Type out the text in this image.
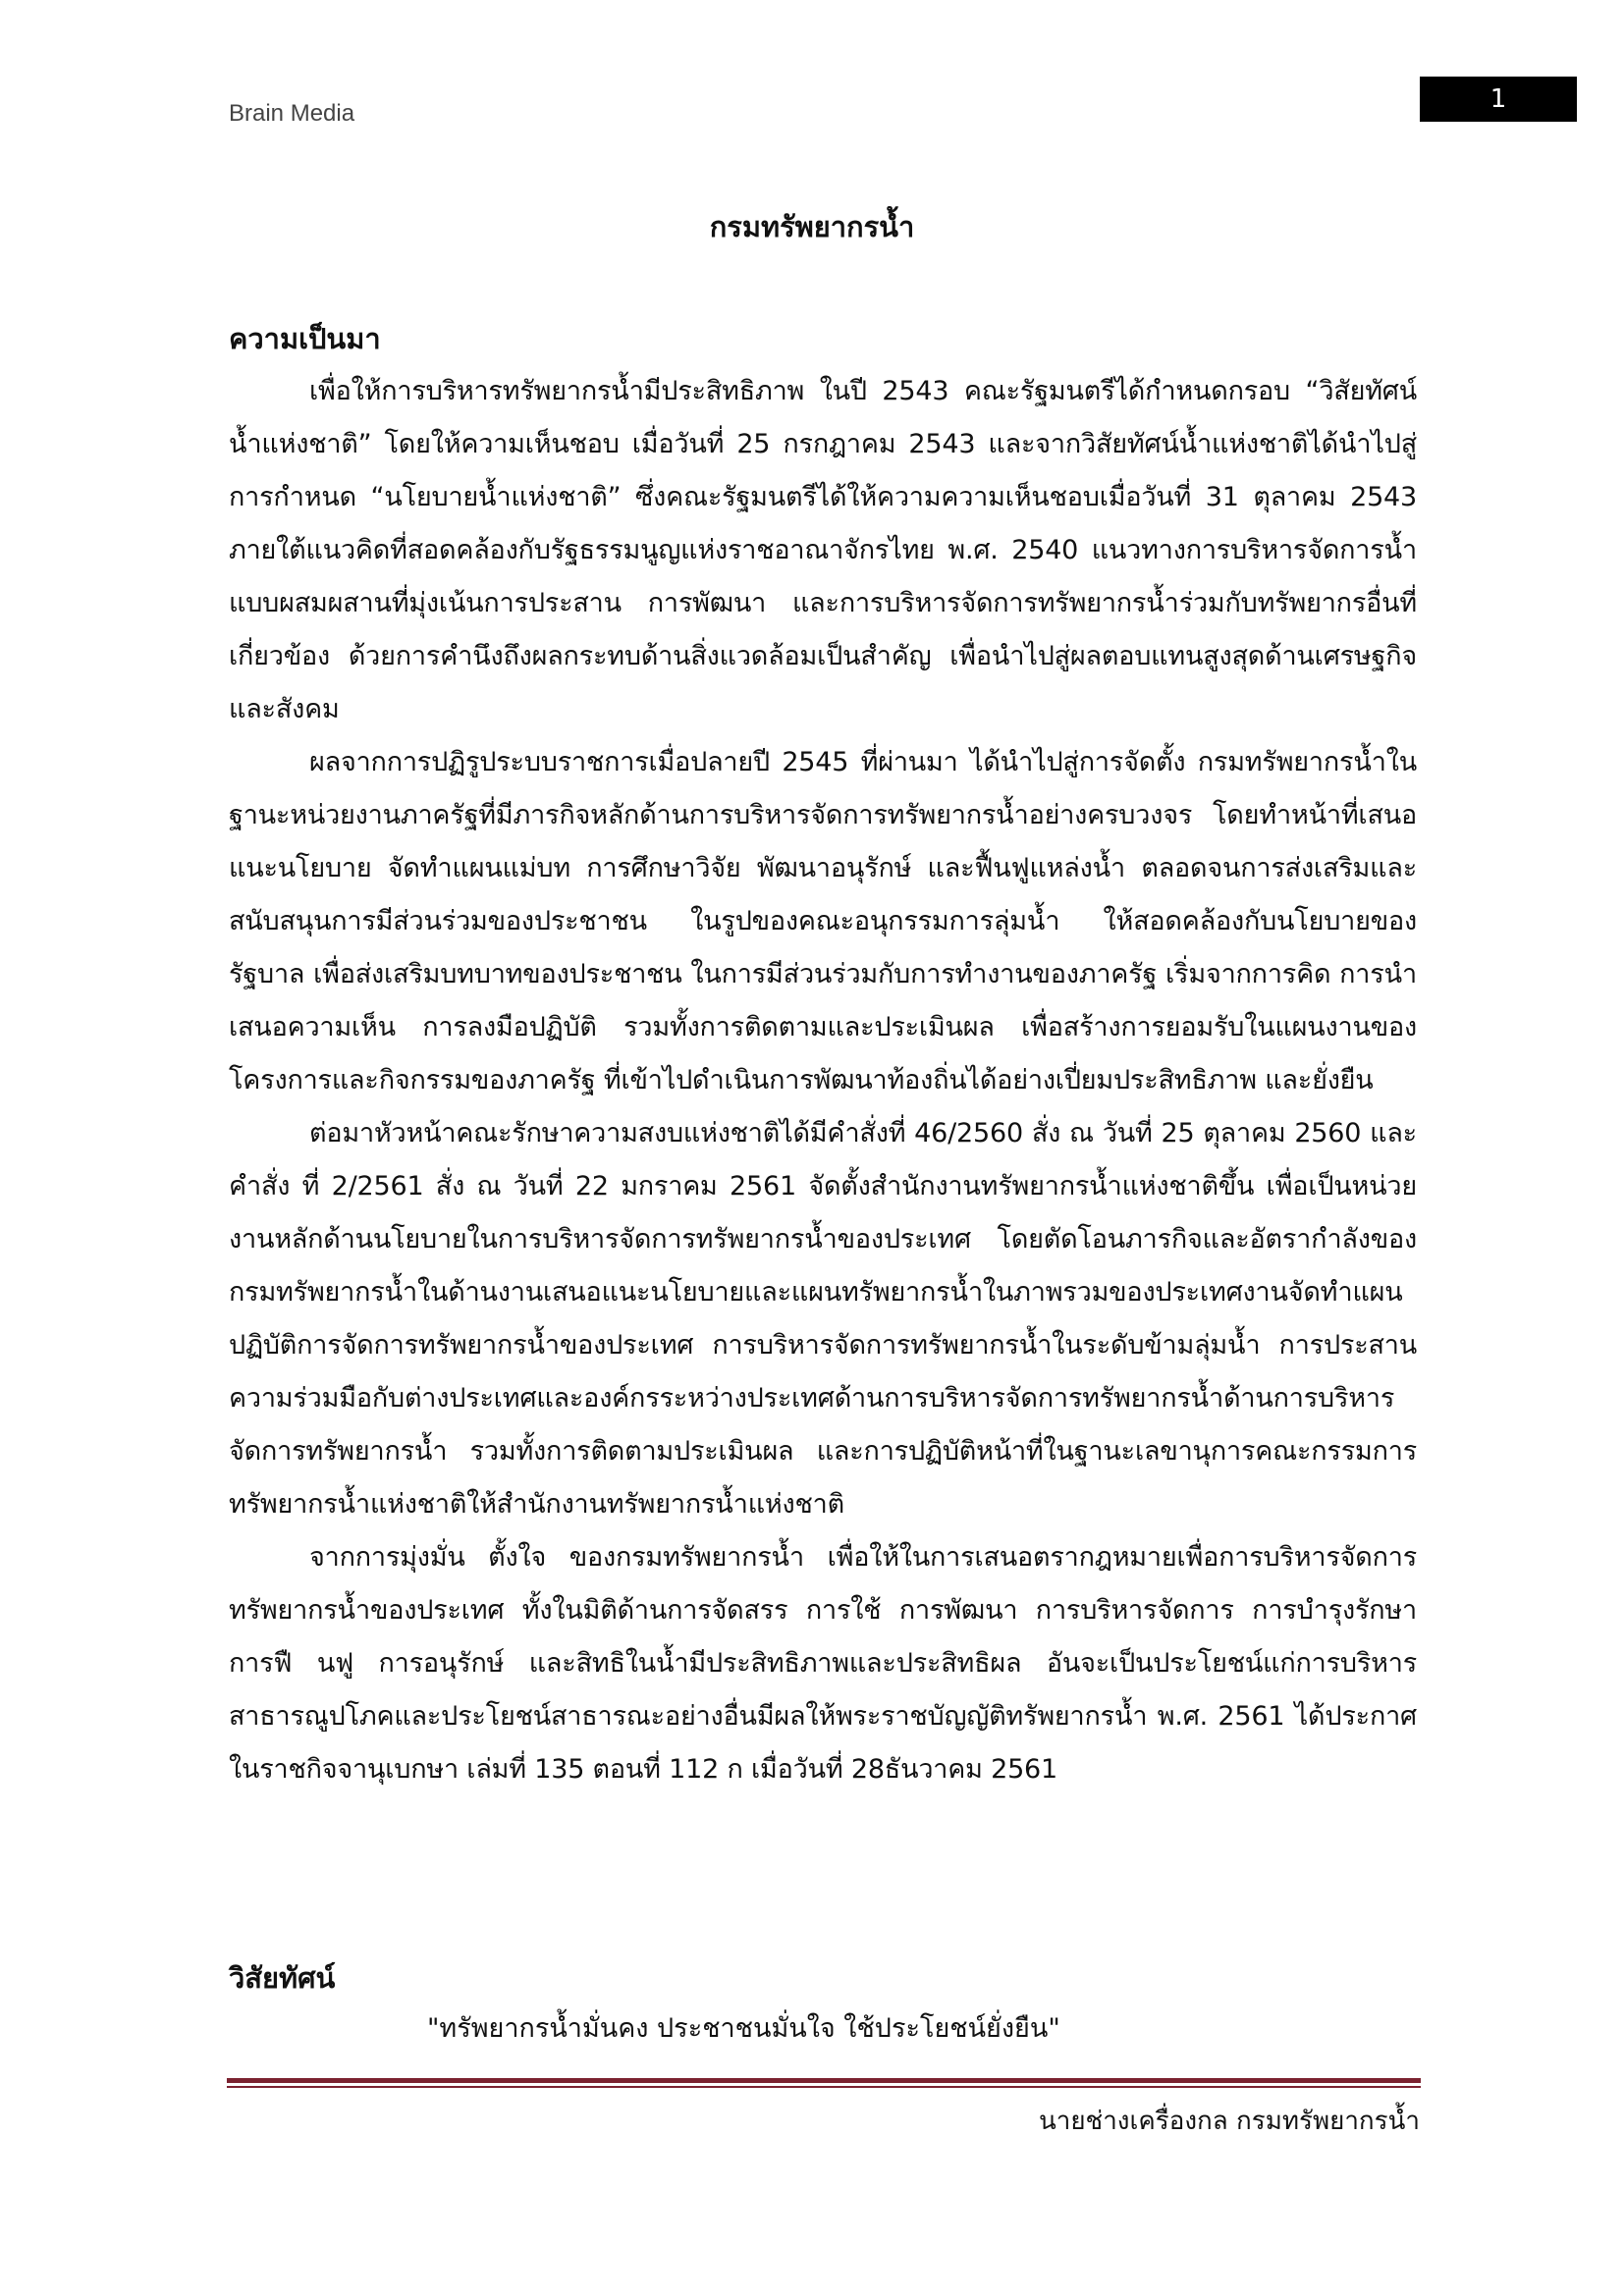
Brain Media	1
กรมทรัพยากรน้ำ
ความเป็นมา

เพื่อให้การบริหารทรัพยากรน้ำมีประสิทธิภาพ ในปี 2543 คณะรัฐมนตรีได้กำหนดกรอบ “วิสัยทัศน์น้ำแห่งชาติ” โดยให้ความเห็นชอบ เมื่อวันที่ 25 กรกฎาคม 2543 และจากวิสัยทัศน์น้ำแห่งชาติได้นำไปสู่การกำหนด “นโยบายน้ำแห่งชาติ” ซึ่งคณะรัฐมนตรีได้ให้ความความเห็นชอบเมื่อวันที่ 31 ตุลาคม 2543 ภายใต้แนวคิดที่สอดคล้องกับรัฐธรรมนูญแห่งราชอาณาจักรไทย พ.ศ. 2540 แนวทางการบริหารจัดการน้ำแบบผสมผสานที่มุ่งเน้นการประสาน การพัฒนา และการบริหารจัดการทรัพยากรน้ำร่วมกับทรัพยากรอื่นที่เกี่ยวข้อง ด้วยการคำนึงถึงผลกระทบด้านสิ่งแวดล้อมเป็นสำคัญ เพื่อนำไปสู่ผลตอบแทนสูงสุดด้านเศรษฐกิจและสังคม

ผลจากการปฏิรูประบบราชการเมื่อปลายปี 2545 ที่ผ่านมา ได้นำไปสู่การจัดตั้ง กรมทรัพยากรน้ำในฐานะหน่วยงานภาครัฐที่มีภารกิจหลักด้านการบริหารจัดการทรัพยากรน้ำอย่างครบวงจร โดยทำหน้าที่เสนอแนะนโยบาย จัดทำแผนแม่บท การศึกษาวิจัย พัฒนาอนุรักษ์ และฟื้นฟูแหล่งน้ำ ตลอดจนการส่งเสริมและสนับสนุนการมีส่วนร่วมของประชาชน ในรูปของคณะอนุกรรมการลุ่มน้ำ ให้สอดคล้องกับนโยบายของรัฐบาล เพื่อส่งเสริมบทบาทของประชาชน ในการมีส่วนร่วมกับการทำงานของภาครัฐ เริ่มจากการคิด การนำเสนอความเห็น การลงมือปฏิบัติ รวมทั้งการติดตามและประเมินผล เพื่อสร้างการยอมรับในแผนงานของโครงการและกิจกรรมของภาครัฐ ที่เข้าไปดำเนินการพัฒนาท้องถิ่นได้อย่างเปี่ยมประสิทธิภาพ และยั่งยืน

ต่อมาหัวหน้าคณะรักษาความสงบแห่งชาติได้มีคำสั่งที่ 46/2560 สั่ง ณ วันที่ 25 ตุลาคม 2560 และคำสั่ง ที่ 2/2561 สั่ง ณ วันที่ 22 มกราคม 2561 จัดตั้งสำนักงานทรัพยากรน้ำแห่งชาติขึ้น เพื่อเป็นหน่วยงานหลักด้านนโยบายในการบริหารจัดการทรัพยากรน้ำของประเทศ โดยตัดโอนภารกิจและอัตรากำลังของกรมทรัพยากรน้ำในด้านงานเสนอแนะนโยบายและแผนทรัพยากรน้ำในภาพรวมของประเทศงานจัดทำแผนปฏิบัติการจัดการทรัพยากรน้ำของประเทศ การบริหารจัดการทรัพยากรน้ำในระดับข้ามลุ่มน้ำ การประสานความร่วมมือกับต่างประเทศและองค์กรระหว่างประเทศด้านการบริหารจัดการทรัพยากรน้ำด้านการบริหารจัดการทรัพยากรน้ำ รวมทั้งการติดตามประเมินผล และการปฏิบัติหน้าที่ในฐานะเลขานุการคณะกรรมการทรัพยากรน้ำแห่งชาติให้สำนักงานทรัพยากรน้ำแห่งชาติ

จากการมุ่งมั่น ตั้งใจ ของกรมทรัพยากรน้ำ เพื่อให้ในการเสนอตรากฎหมายเพื่อการบริหารจัดการทรัพยากรน้ำของประเทศ ทั้งในมิติด้านการจัดสรร การใช้ การพัฒนา การบริหารจัดการ การบำรุงรักษา การฟื นฟู การอนุรักษ์ และสิทธิในน้ำมีประสิทธิภาพและประสิทธิผล อันจะเป็นประโยชน์แก่การบริหารสาธารณูปโภคและประโยชน์สาธารณะอย่างอื่นมีผลให้พระราชบัญญัติทรัพยากรน้ำ พ.ศ. 2561 ได้ประกาศในราชกิจจานุเบกษา เล่มที่ 135 ตอนที่ 112 ก เมื่อวันที่ 28ธันวาคม 2561

วิสัยทัศน์
"ทรัพยากรน้ำมั่นคง ประชาชนมั่นใจ ใช้ประโยชน์ยั่งยืน"
นายช่างเครื่องกล กรมทรัพยากรน้ำ
